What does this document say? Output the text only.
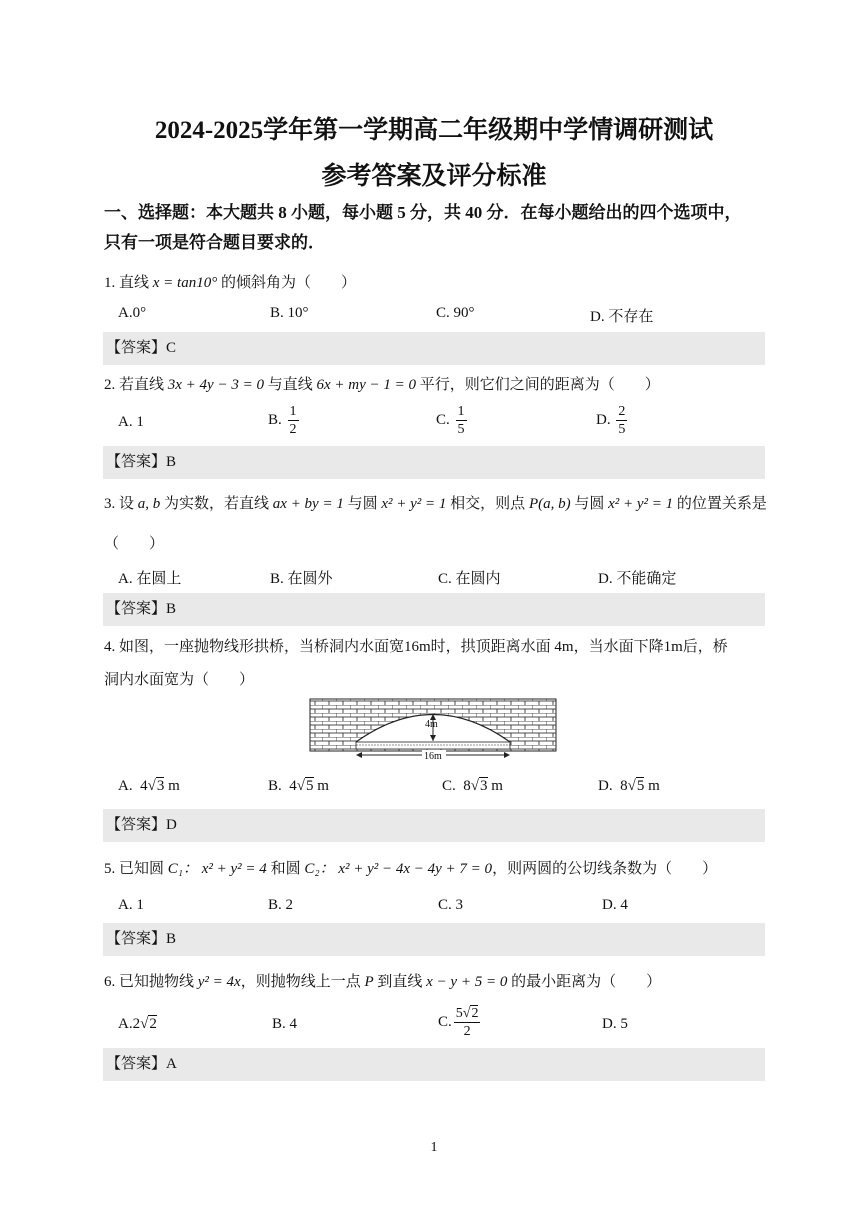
2024-2025学年第一学期高二年级期中学情调研测试
参考答案及评分标准
一、选择题：本大题共 8 小题，每小题 5 分，共 40 分．在每小题给出的四个选项中，
只有一项是符合题目要求的．
1. 直线 x = tan10° 的倾斜角为（　　）
A.0°	B. 10°	C. 90°	D. 不存在
【答案】C
2. 若直线 3x + 4y − 3 = 0 与直线 6x + my − 1 = 0 平行，则它们之间的距离为（　　）
A. 1	B. $\frac{1}{2}$	C. $\frac{1}{5}$	D. $\frac{2}{5}$
【答案】B
3. 设 a, b 为实数，若直线 ax + by = 1 与圆 x² + y² = 1 相交，则点 P(a, b) 与圆 x² + y² = 1 的位置关系是
（　　）
A. 在圆上	B. 在圆外	C. 在圆内	D. 不能确定
【答案】B
4. 如图，一座抛物线形拱桥，当桥洞内水面宽16m时，拱顶距离水面 4m，当水面下降1m后，桥
洞内水面宽为（　　）
4m
16m
A. 4√3 m	B. 4√5 m	C. 8√3 m	D. 8√5 m
【答案】D
5. 已知圆 C₁： x² + y² = 4 和圆 C₂： x² + y² − 4x − 4y + 7 = 0，则两圆的公切线条数为（　　）
A. 1	B. 2	C. 3	D. 4
【答案】B
6. 已知抛物线 y² = 4x，则抛物线上一点 P 到直线 x − y + 5 = 0 的最小距离为（　　）
A.2√2	B. 4	C. $\frac{5√2}{2}$	D. 5
【答案】A
1
